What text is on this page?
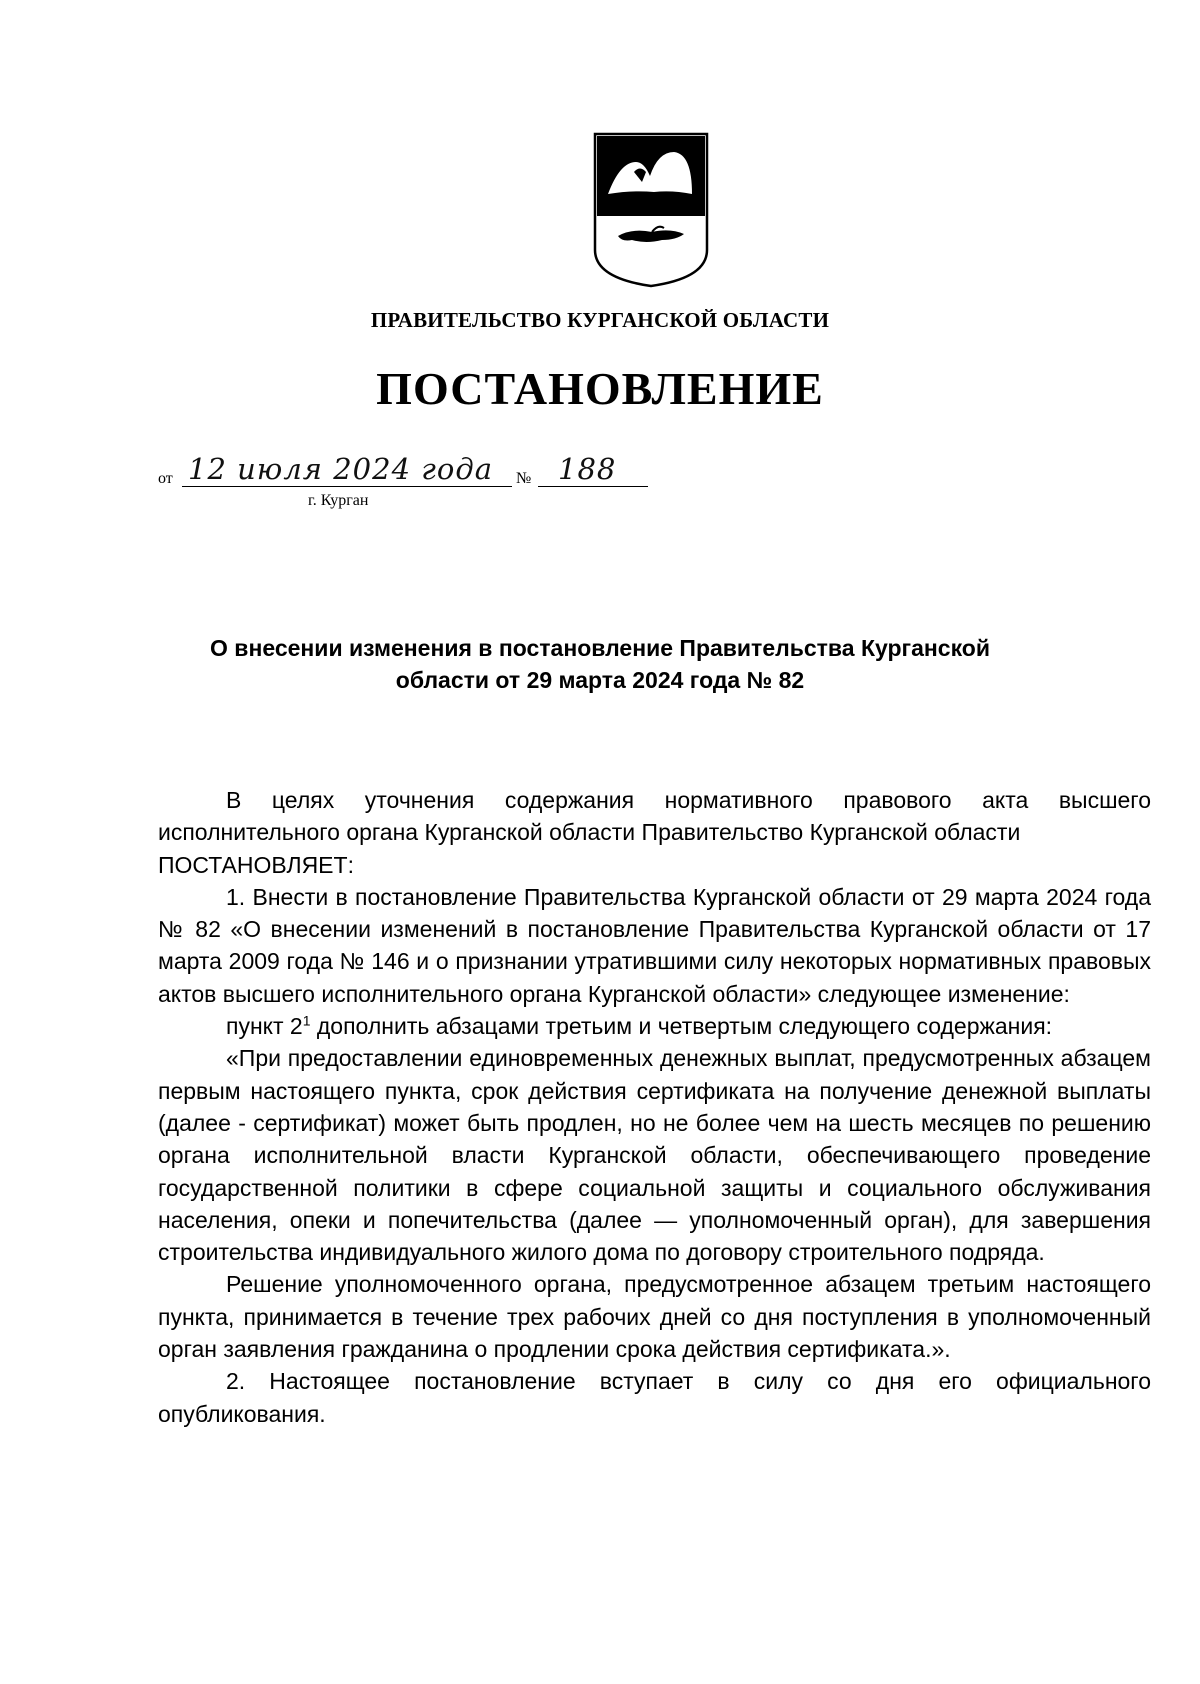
ПРАВИТЕЛЬСТВО КУРГАНСКОЙ ОБЛАСТИ
ПОСТАНОВЛЕНИЕ
от 12 июля 2024 года № 188
г. Курган
О внесении изменения в постановление Правительства Курганской
области от 29 марта 2024 года № 82

В целях уточнения содержания нормативного правового акта высшего исполнительного органа Курганской области Правительство Курганской области

ПОСТАНОВЛЯЕТ:

1. Внести в постановление Правительства Курганской области от 29 марта 2024 года № 82 «О внесении изменений в постановление Правительства Курганской области от 17 марта 2009 года № 146 и о признании утратившими силу некоторых нормативных правовых актов высшего исполнительного органа Курганской области» следующее изменение:

пункт $2^1$ дополнить абзацами третьим и четвертым следующего содержания:

«При предоставлении единовременных денежных выплат, предусмотренных абзацем первым настоящего пункта, срок действия сертификата на получение денежной выплаты (далее - сертификат) может быть продлен, но не более чем на шесть месяцев по решению органа исполнительной власти Курганской области, обеспечивающего проведение государственной политики в сфере социальной защиты и социального обслуживания населения, опеки и попечительства (далее — уполномоченный орган), для завершения строительства индивидуального жилого дома по договору строительного подряда.

Решение уполномоченного органа, предусмотренное абзацем третьим настоящего пункта, принимается в течение трех рабочих дней со дня поступления в уполномоченный орган заявления гражданина о продлении срока действия сертификата.».

2. Настоящее постановление вступает в силу со дня его официального опубликования.
